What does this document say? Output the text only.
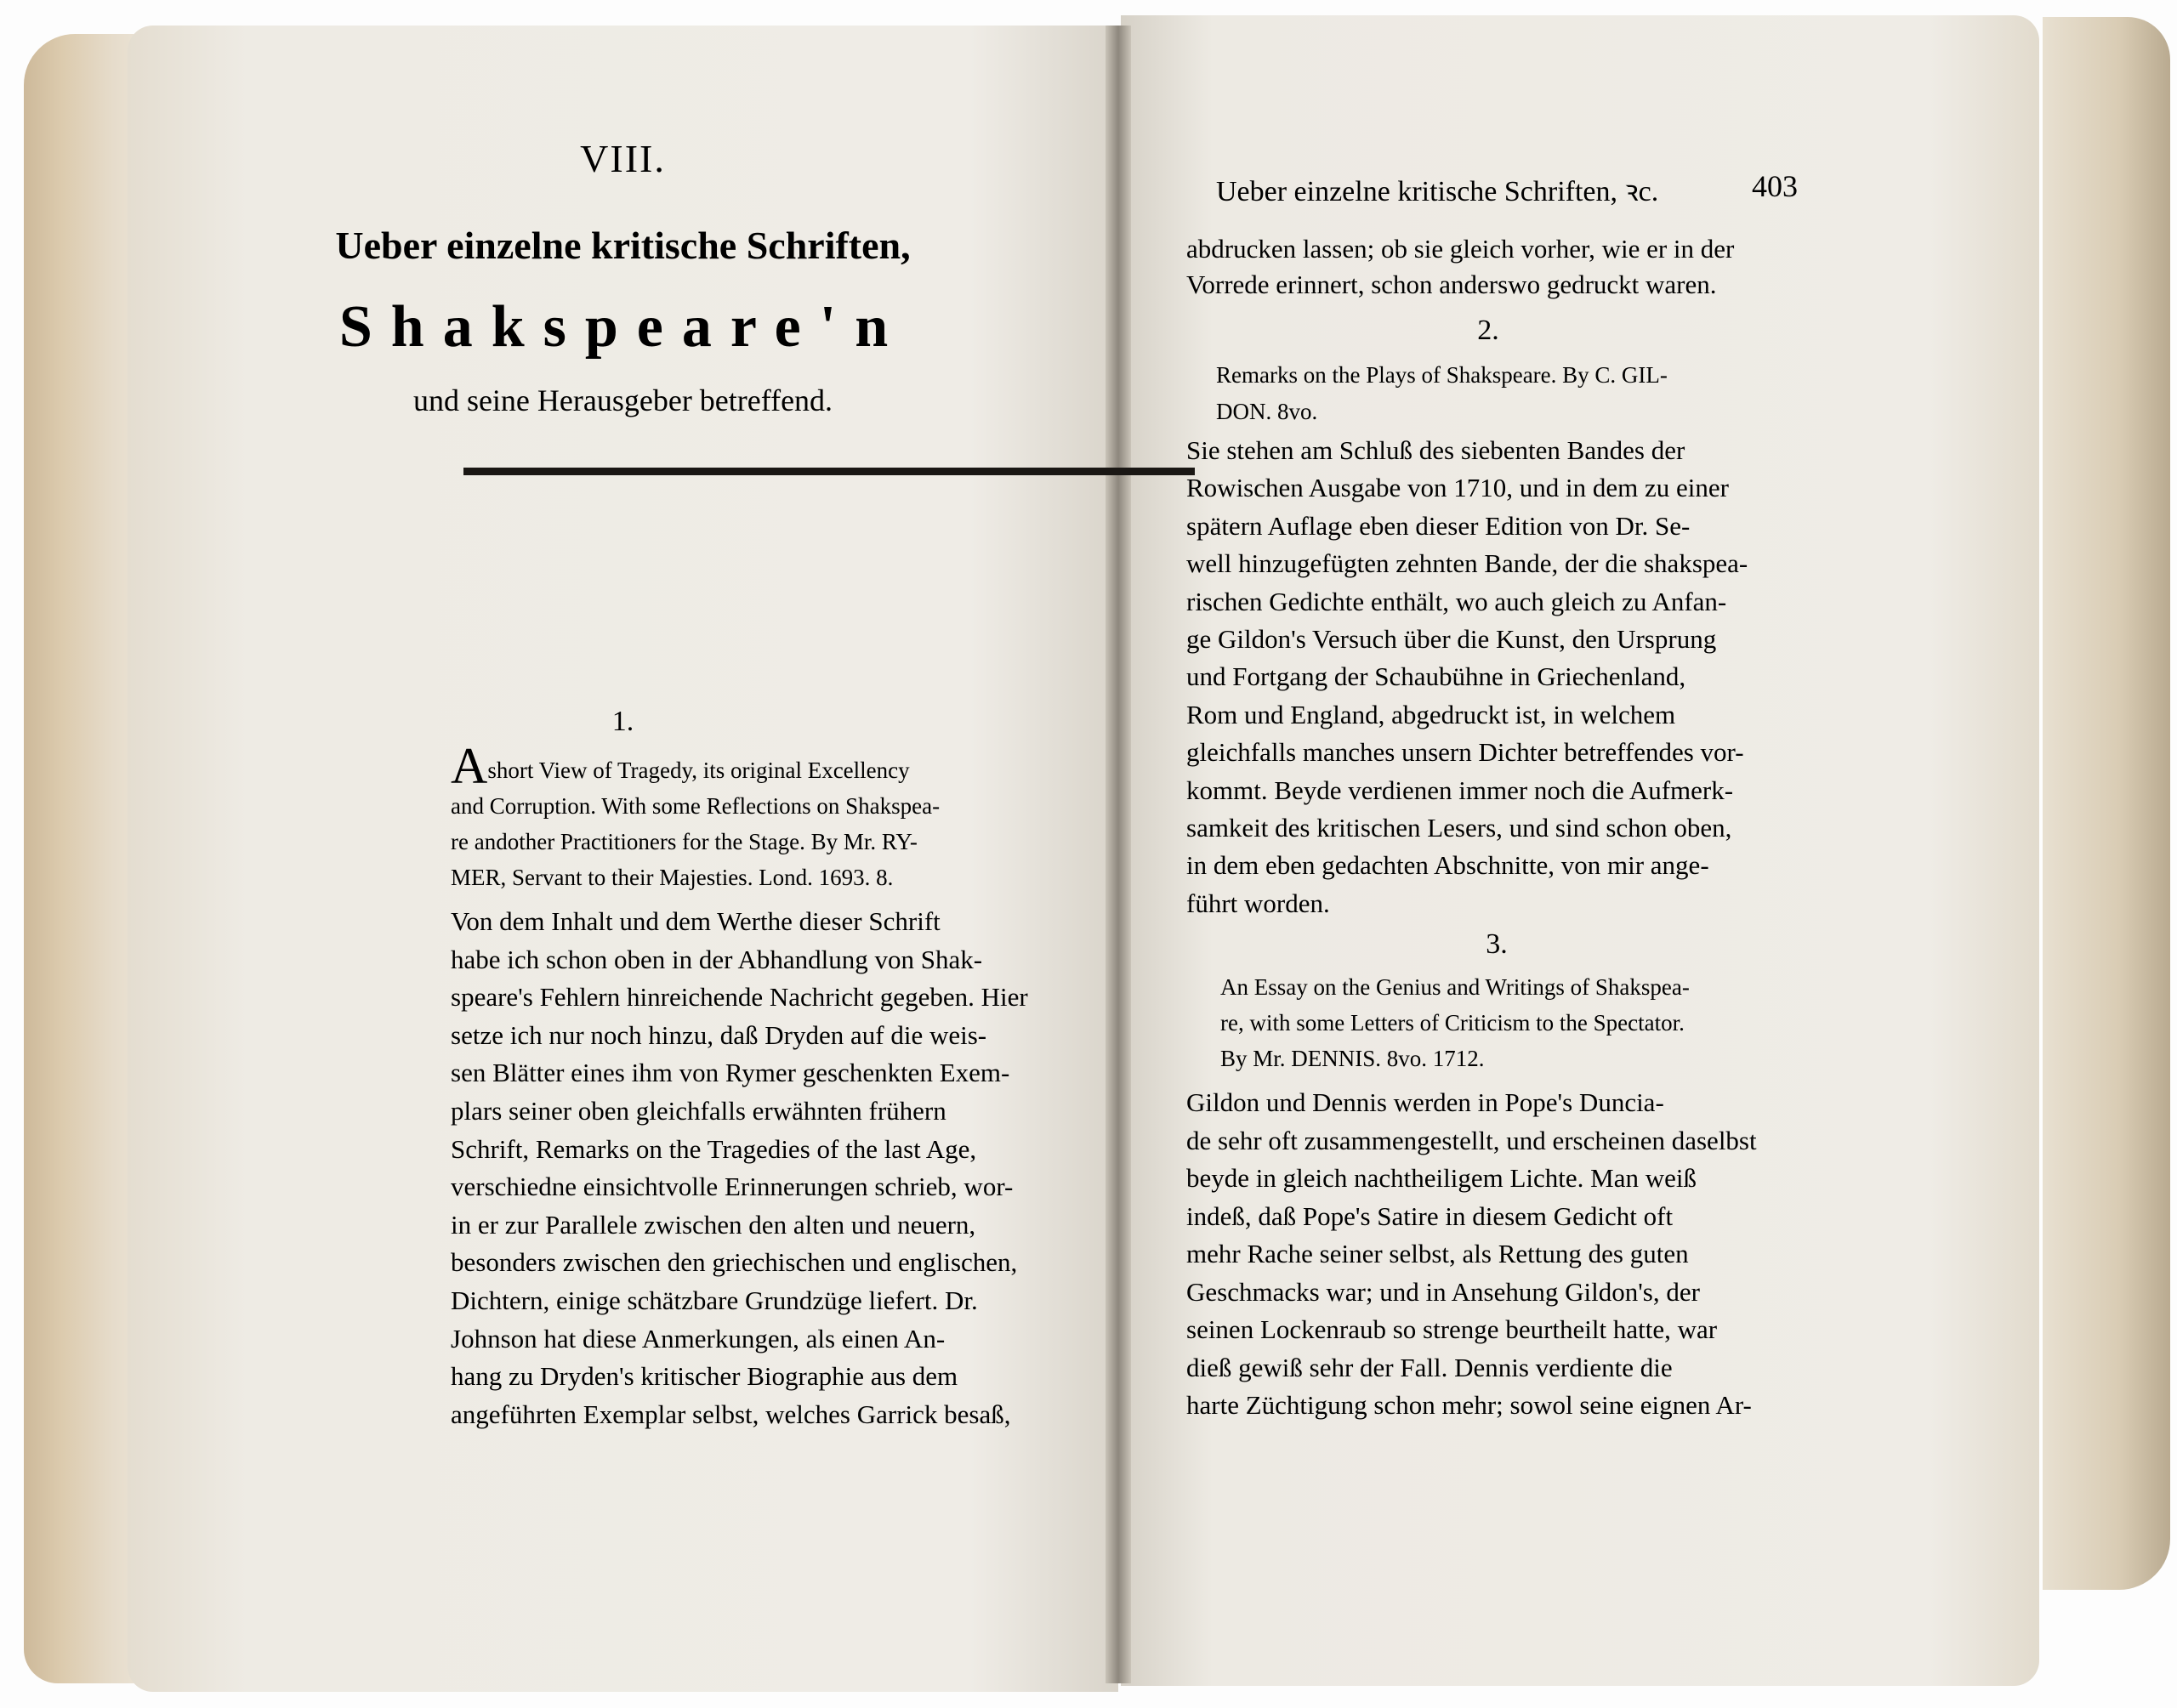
VIII.
Ueber einzelne kritische Schriften,
Shakspeare'n
und seine Herausgeber betreffend.
1.
Ashort View of Tragedy, its original Excellency
and Corruption. With some Reflections on Shakspea-
re andother Practitioners for the Stage. By Mr. RY-
MER, Servant to their Majesties. Lond. 1693. 8.
Von dem Inhalt und dem Werthe dieser Schrift
habe ich schon oben in der Abhandlung von Shak-
speare's Fehlern hinreichende Nachricht gegeben. Hier
setze ich nur noch hinzu, daß Dryden auf die weis-
sen Blätter eines ihm von Rymer geschenkten Exem-
plars seiner oben gleichfalls erwähnten frühern
Schrift, Remarks on the Tragedies of the last Age,
verschiedne einsichtvolle Erinnerungen schrieb, wor-
in er zur Parallele zwischen den alten und neuern,
besonders zwischen den griechischen und englischen,
Dichtern, einige schätzbare Grundzüge liefert. Dr.
Johnson hat diese Anmerkungen, als einen An-
hang zu Dryden's kritischer Biographie aus dem
angeführten Exemplar selbst, welches Garrick besaß,
Ueber einzelne kritische Schriften, ꝛc.	403
abdrucken lassen; ob sie gleich vorher, wie er in der
Vorrede erinnert, schon anderswo gedruckt waren.
2.
Remarks on the Plays of Shakspeare. By C. GIL-
DON. 8vo.
Sie stehen am Schluß des siebenten Bandes der
Rowischen Ausgabe von 1710, und in dem zu einer
spätern Auflage eben dieser Edition von Dr. Se-
well hinzugefügten zehnten Bande, der die shakspea-
rischen Gedichte enthält, wo auch gleich zu Anfan-
ge Gildon's Versuch über die Kunst, den Ursprung
und Fortgang der Schaubühne in Griechenland,
Rom und England, abgedruckt ist, in welchem
gleichfalls manches unsern Dichter betreffendes vor-
kommt. Beyde verdienen immer noch die Aufmerk-
samkeit des kritischen Lesers, und sind schon oben,
in dem eben gedachten Abschnitte, von mir ange-
führt worden.
3.
An Essay on the Genius and Writings of Shakspea-
re, with some Letters of Criticism to the Spectator.
By Mr. DENNIS. 8vo. 1712.
Gildon und Dennis werden in Pope's Duncia-
de sehr oft zusammengestellt, und erscheinen daselbst
beyde in gleich nachtheiligem Lichte. Man weiß
indeß, daß Pope's Satire in diesem Gedicht oft
mehr Rache seiner selbst, als Rettung des guten
Geschmacks war; und in Ansehung Gildon's, der
seinen Lockenraub so strenge beurtheilt hatte, war
dieß gewiß sehr der Fall. Dennis verdiente die
harte Züchtigung schon mehr; sowol seine eignen Ar-
